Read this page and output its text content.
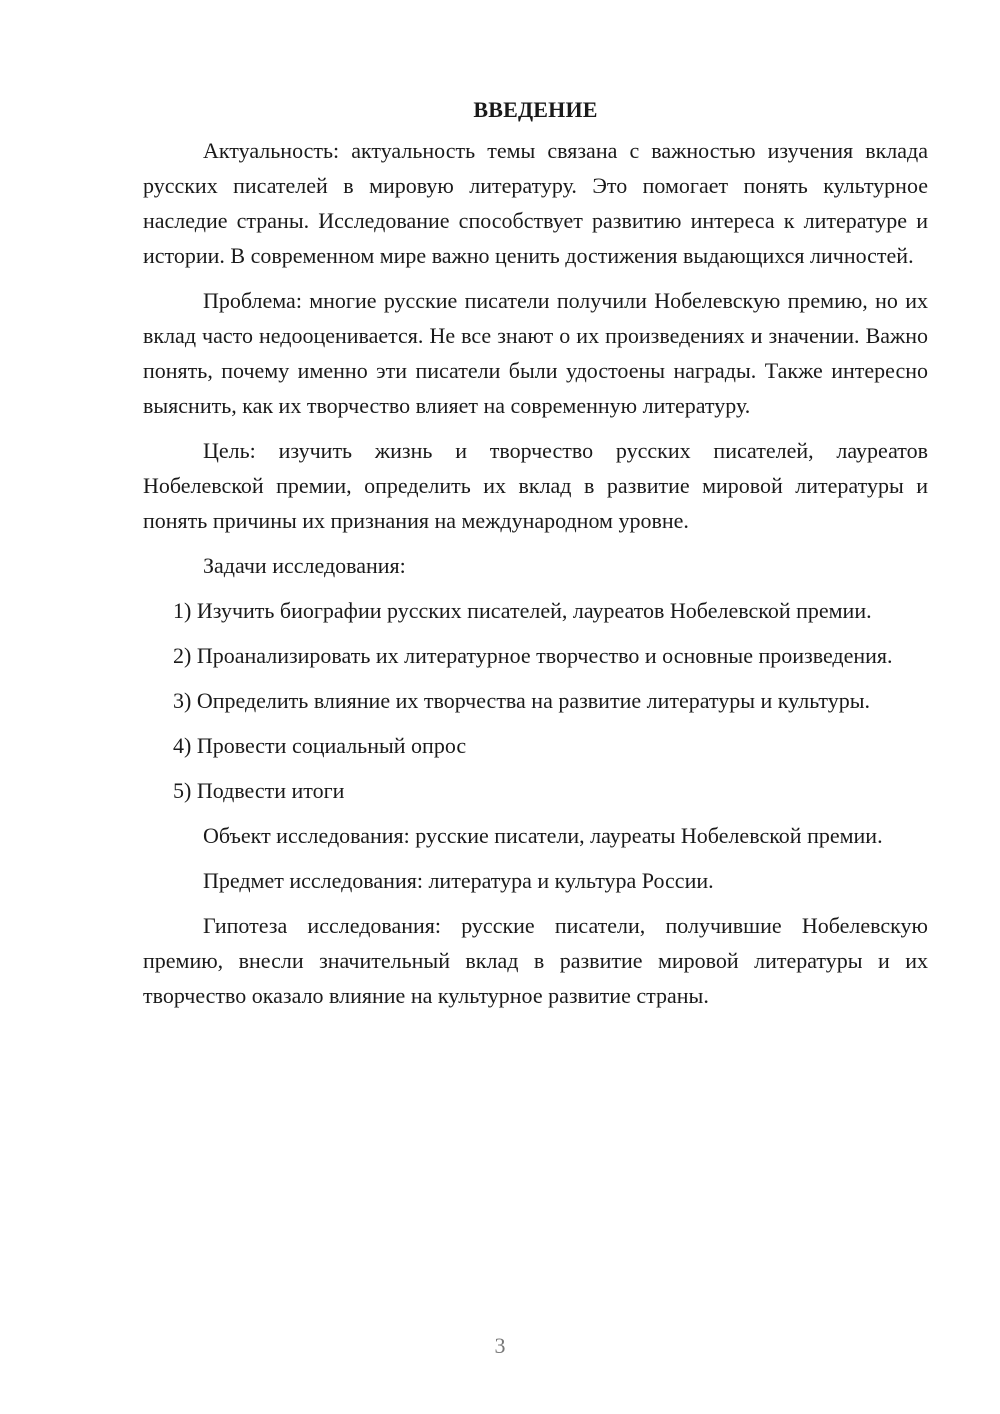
ВВЕДЕНИЕ

Актуальность: актуальность темы связана с важностью изучения вклада русских писателей в мировую литературу. Это помогает понять культурное наследие страны. Исследование способствует развитию интереса к литературе и истории. В современном мире важно ценить достижения выдающихся личностей.

Проблема: многие русские писатели получили Нобелевскую премию, но их вклад часто недооценивается. Не все знают о их произведениях и значении. Важно понять, почему именно эти писатели были удостоены награды. Также интересно выяснить, как их творчество влияет на современную литературу.

Цель: изучить жизнь и творчество русских писателей, лауреатов Нобелевской премии, определить их вклад в развитие мировой литературы и понять причины их признания на международном уровне.

Задачи исследования:

1) Изучить биографии русских писателей, лауреатов Нобелевской премии.

2) Проанализировать их литературное творчество и основные произведения.

3) Определить влияние их творчества на развитие литературы и культуры.

4) Провести социальный опрос

5) Подвести итоги

Объект исследования: русские писатели, лауреаты Нобелевской премии.

Предмет исследования: литература и культура России.

Гипотеза исследования: русские писатели, получившие Нобелевскую премию, внесли значительный вклад в развитие мировой литературы и их творчество оказало влияние на культурное развитие страны.

3
